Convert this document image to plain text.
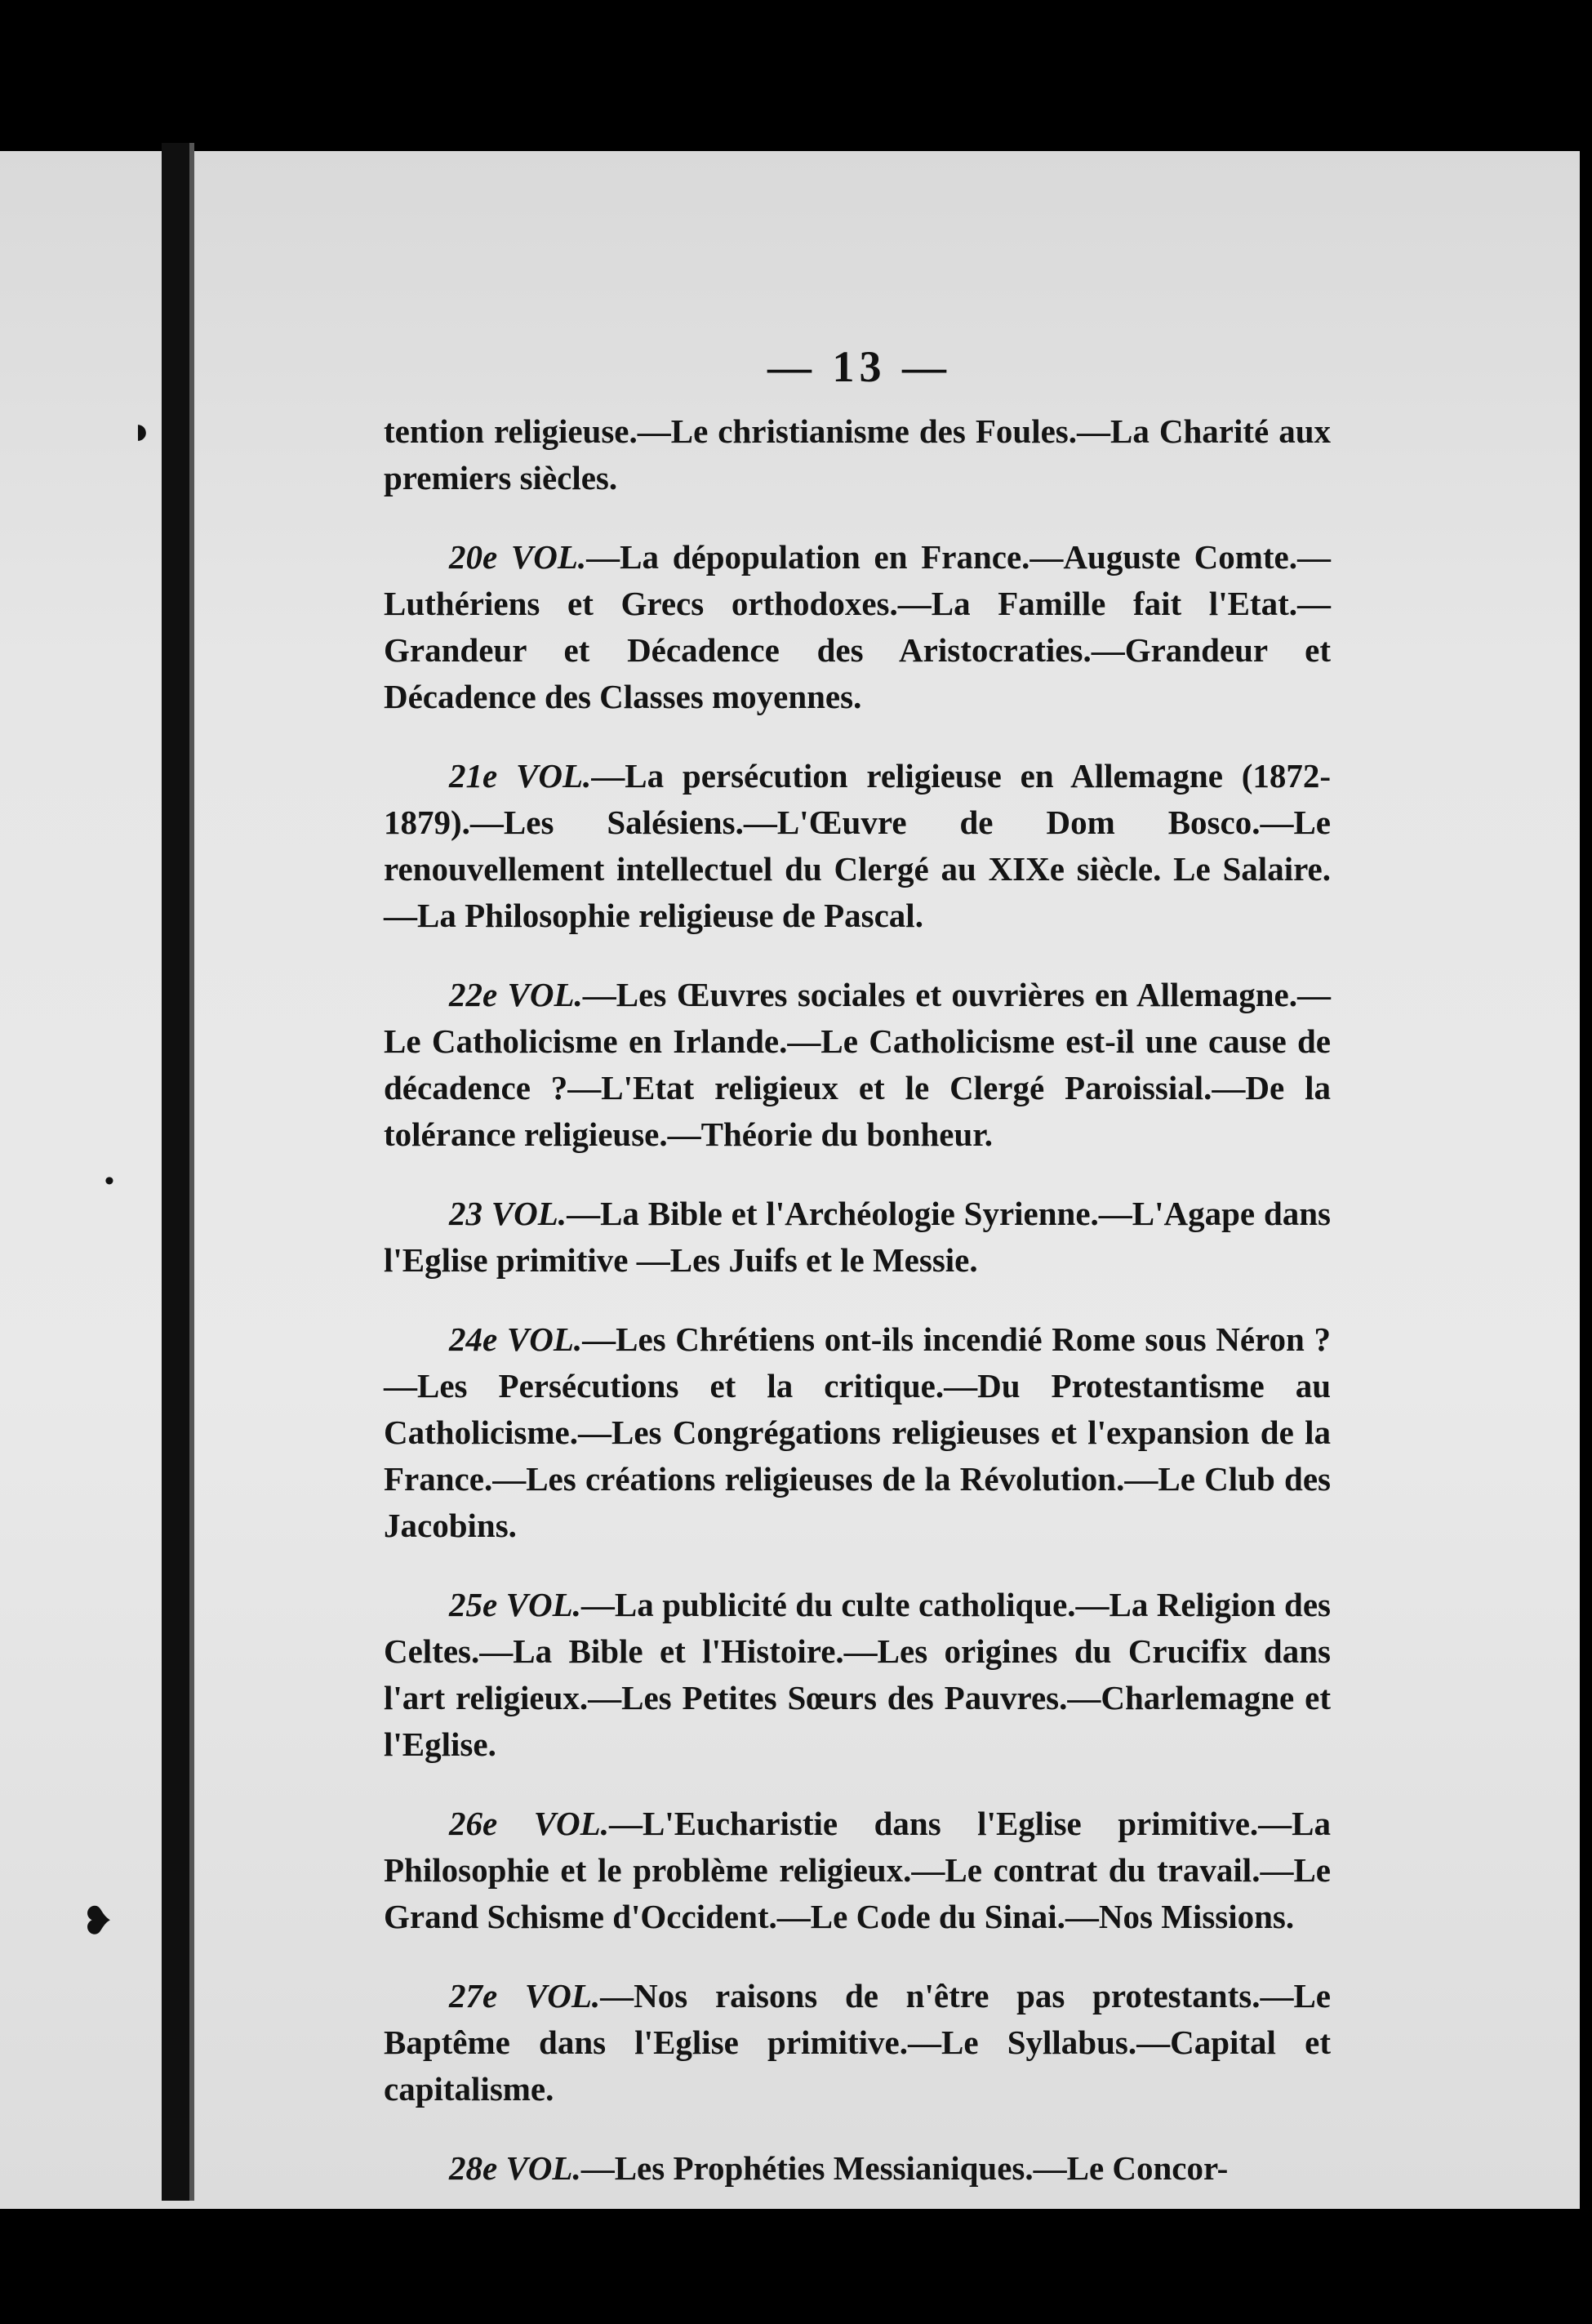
◗
•
❥
— 13 —

tention religieuse.—Le christianisme des Foules.—La Charité aux premiers siècles.

20e VOL.—La dépopulation en France.—Auguste Comte.—Luthériens et Grecs orthodoxes.—La Famille fait l'Etat.—Grandeur et Décadence des Aristocraties.—Grandeur et Décadence des Classes moyennes.

21e VOL.—La persécution religieuse en Allemagne (1872-1879).—Les Salésiens.—L'Œuvre de Dom Bosco.—Le renouvellement intellectuel du Clergé au XIXe siècle. Le Salaire.—La Philosophie religieuse de Pascal.

22e VOL.—Les Œuvres sociales et ouvrières en Allemagne.—Le Catholicisme en Irlande.—Le Catholicisme est-il une cause de décadence ?—L'Etat religieux et le Clergé Paroissial.—De la tolérance religieuse.—Théorie du bonheur.

23 VOL.—La Bible et l'Archéologie Syrienne.—L'Agape dans l'Eglise primitive —Les Juifs et le Messie.

24e VOL.—Les Chrétiens ont-ils incendié Rome sous Néron ?—Les Persécutions et la critique.—Du Protestantisme au Catholicisme.—Les Congrégations religieuses et l'expansion de la France.—Les créations religieuses de la Révolution.—Le Club des Jacobins.

25e VOL.—La publicité du culte catholique.—La Religion des Celtes.—La Bible et l'Histoire.—Les origines du Crucifix dans l'art religieux.—Les Petites Sœurs des Pauvres.—Charlemagne et l'Eglise.

26e VOL.—L'Eucharistie dans l'Eglise primitive.—La Philosophie et le problème religieux.—Le contrat du travail.—Le Grand Schisme d'Occident.—Le Code du Sinai.—Nos Missions.

27e VOL.—Nos raisons de n'être pas protestants.—Le Baptême dans l'Eglise primitive.—Le Syllabus.—Capital et capitalisme.

28e VOL.—Les Prophéties Messianiques.—Le Concor-
